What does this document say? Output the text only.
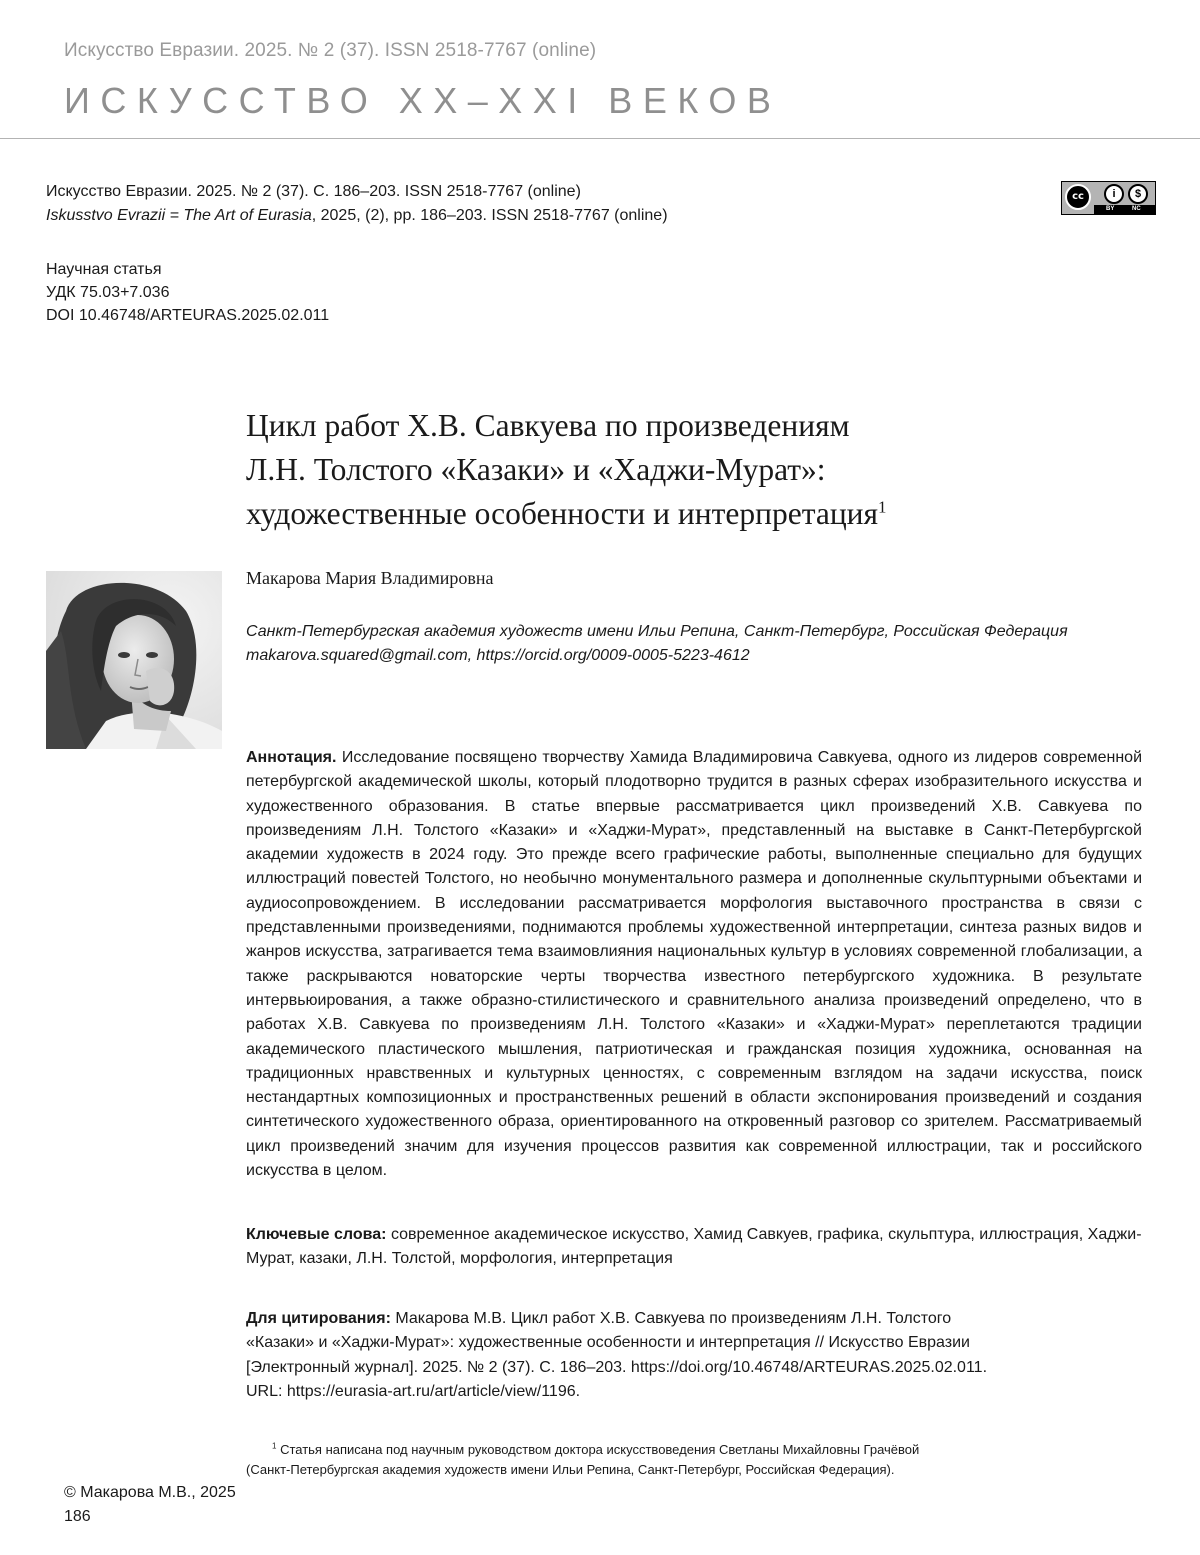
Искусство Евразии. 2025. № 2 (37). ISSN 2518-7767 (online)
ИСКУССТВО XX–XXI ВЕКОВ
Искусство Евразии. 2025. № 2 (37). С. 186–203. ISSN 2518-7767 (online)
Iskusstvo Evrazii = The Art of Eurasia, 2025, (2), pp. 186–203. ISSN 2518-7767 (online)
cc	i	$
BY	NC
Научная статья
УДК 75.03+7.036
DOI 10.46748/ARTEURAS.2025.02.011
Цикл работ Х.В. Савкуева по произведениям
Л.Н. Толстого «Казаки» и «Хаджи-Мурат»:
художественные особенности и интерпретация$^1$
Макарова Мария Владимировна
Санкт-Петербургская академия художеств имени Ильи Репина, Санкт-Петербург, Российская Федерация
makarova.squared@gmail.com, https://orcid.org/0009-0005-5223-4612
Аннотация. Исследование посвящено творчеству Хамида Владимировича Савкуева, одного из лидеров современной петербургской академической школы, который плодотворно трудится в разных сферах изобразительного искусства и художественного образования. В статье впервые рассматривается цикл произведений Х.В. Савкуева по произведениям Л.Н. Толстого «Казаки» и «Хаджи-Мурат», представленный на выставке в Санкт-Петербургской академии художеств в 2024 году. Это прежде всего графические работы, выполненные специально для будущих иллюстраций повестей Толстого, но необычно монументального размера и дополненные скульптурными объектами и аудиосопровождением. В исследовании рассматривается морфология выставочного пространства в связи с представленными произведениями, поднимаются проблемы художественной интерпретации, синтеза разных видов и жанров искусства, затрагивается тема взаимовлияния национальных культур в условиях современной глобализации, а также раскрываются новаторские черты творчества известного петербургского художника. В результате интервьюирования, а также образно-стилистического и сравнительного анализа произведений определено, что в работах Х.В. Савкуева по произведениям Л.Н. Толстого «Казаки» и «Хаджи-Мурат» переплетаются традиции академического пластического мышления, патриотическая и гражданская позиция художника, основанная на традиционных нравственных и культурных ценностях, с современным взглядом на задачи искусства, поиск нестандартных композиционных и пространственных решений в области экспонирования произведений и создания синтетического художественного образа, ориентированного на откровенный разговор со зрителем. Рассматриваемый цикл произведений значим для изучения процессов развития как современной иллюстрации, так и российского искусства в целом.
Ключевые слова: современное академическое искусство, Хамид Савкуев, графика, скульптура, иллюстрация, Хаджи-Мурат, казаки, Л.Н. Толстой, морфология, интерпретация
Для цитирования: Макарова М.В. Цикл работ Х.В. Савкуева по произведениям Л.Н. Толстого
«Казаки» и «Хаджи-Мурат»: художественные особенности и интерпретация // Искусство Евразии
[Электронный журнал]. 2025. № 2 (37). С. 186–203. https://doi.org/10.46748/ARTEURAS.2025.02.011.
URL: https://eurasia-art.ru/art/article/view/1196.
$^1$ Статья написана под научным руководством доктора искусствоведения Светланы Михайловны Грачёвой
(Санкт-Петербургская академия художеств имени Ильи Репина, Санкт-Петербург, Российская Федерация).
© Макарова М.В., 2025
186
